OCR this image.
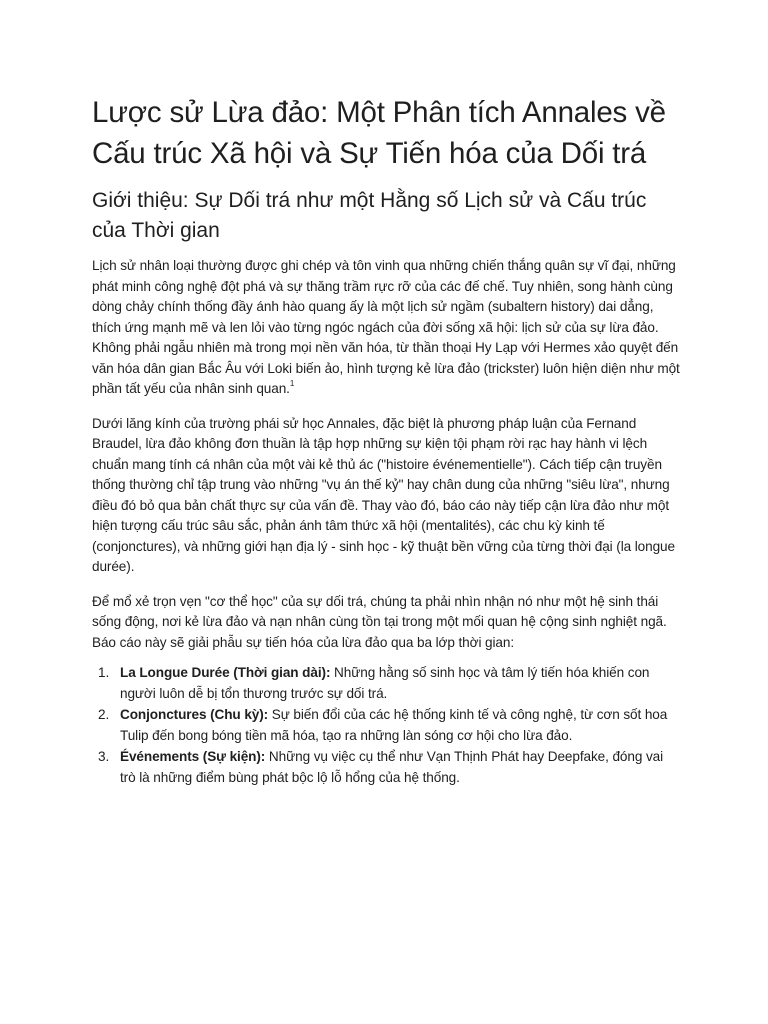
Lược sử Lừa đảo: Một Phân tích Annales về Cấu trúc Xã hội và Sự Tiến hóa của Dối trá
Giới thiệu: Sự Dối trá như một Hằng số Lịch sử và Cấu trúc của Thời gian

Lịch sử nhân loại thường được ghi chép và tôn vinh qua những chiến thắng quân sự vĩ đại, những phát minh công nghệ đột phá và sự thăng trầm rực rỡ của các đế chế. Tuy nhiên, song hành cùng dòng chảy chính thống đầy ánh hào quang ấy là một lịch sử ngầm (subaltern history) dai dẳng, thích ứng mạnh mẽ và len lỏi vào từng ngóc ngách của đời sống xã hội: lịch sử của sự lừa đảo. Không phải ngẫu nhiên mà trong mọi nền văn hóa, từ thần thoại Hy Lạp với Hermes xảo quyệt đến văn hóa dân gian Bắc Âu với Loki biến ảo, hình tượng kẻ lừa đảo (trickster) luôn hiện diện như một phần tất yếu của nhân sinh quan.$^1$

Dưới lăng kính của trường phái sử học Annales, đặc biệt là phương pháp luận của Fernand Braudel, lừa đảo không đơn thuần là tập hợp những sự kiện tội phạm rời rạc hay hành vi lệch chuẩn mang tính cá nhân của một vài kẻ thủ ác ("histoire événementielle"). Cách tiếp cận truyền thống thường chỉ tập trung vào những "vụ án thế kỷ" hay chân dung của những "siêu lừa", nhưng điều đó bỏ qua bản chất thực sự của vấn đề. Thay vào đó, báo cáo này tiếp cận lừa đảo như một hiện tượng cấu trúc sâu sắc, phản ánh tâm thức xã hội (mentalités), các chu kỳ kinh tế (conjonctures), và những giới hạn địa lý - sinh học - kỹ thuật bền vững của từng thời đại (la longue durée).

Để mổ xẻ trọn vẹn "cơ thể học" của sự dối trá, chúng ta phải nhìn nhận nó như một hệ sinh thái sống động, nơi kẻ lừa đảo và nạn nhân cùng tồn tại trong một mối quan hệ cộng sinh nghiệt ngã. Báo cáo này sẽ giải phẫu sự tiến hóa của lừa đảo qua ba lớp thời gian:

1. La Longue Durée (Thời gian dài): Những hằng số sinh học và tâm lý tiến hóa khiến con người luôn dễ bị tổn thương trước sự dối trá.
2. Conjonctures (Chu kỳ): Sự biến đổi của các hệ thống kinh tế và công nghệ, từ cơn sốt hoa Tulip đến bong bóng tiền mã hóa, tạo ra những làn sóng cơ hội cho lừa đảo.
3. Événements (Sự kiện): Những vụ việc cụ thể như Vạn Thịnh Phát hay Deepfake, đóng vai trò là những điểm bùng phát bộc lộ lỗ hổng của hệ thống.
